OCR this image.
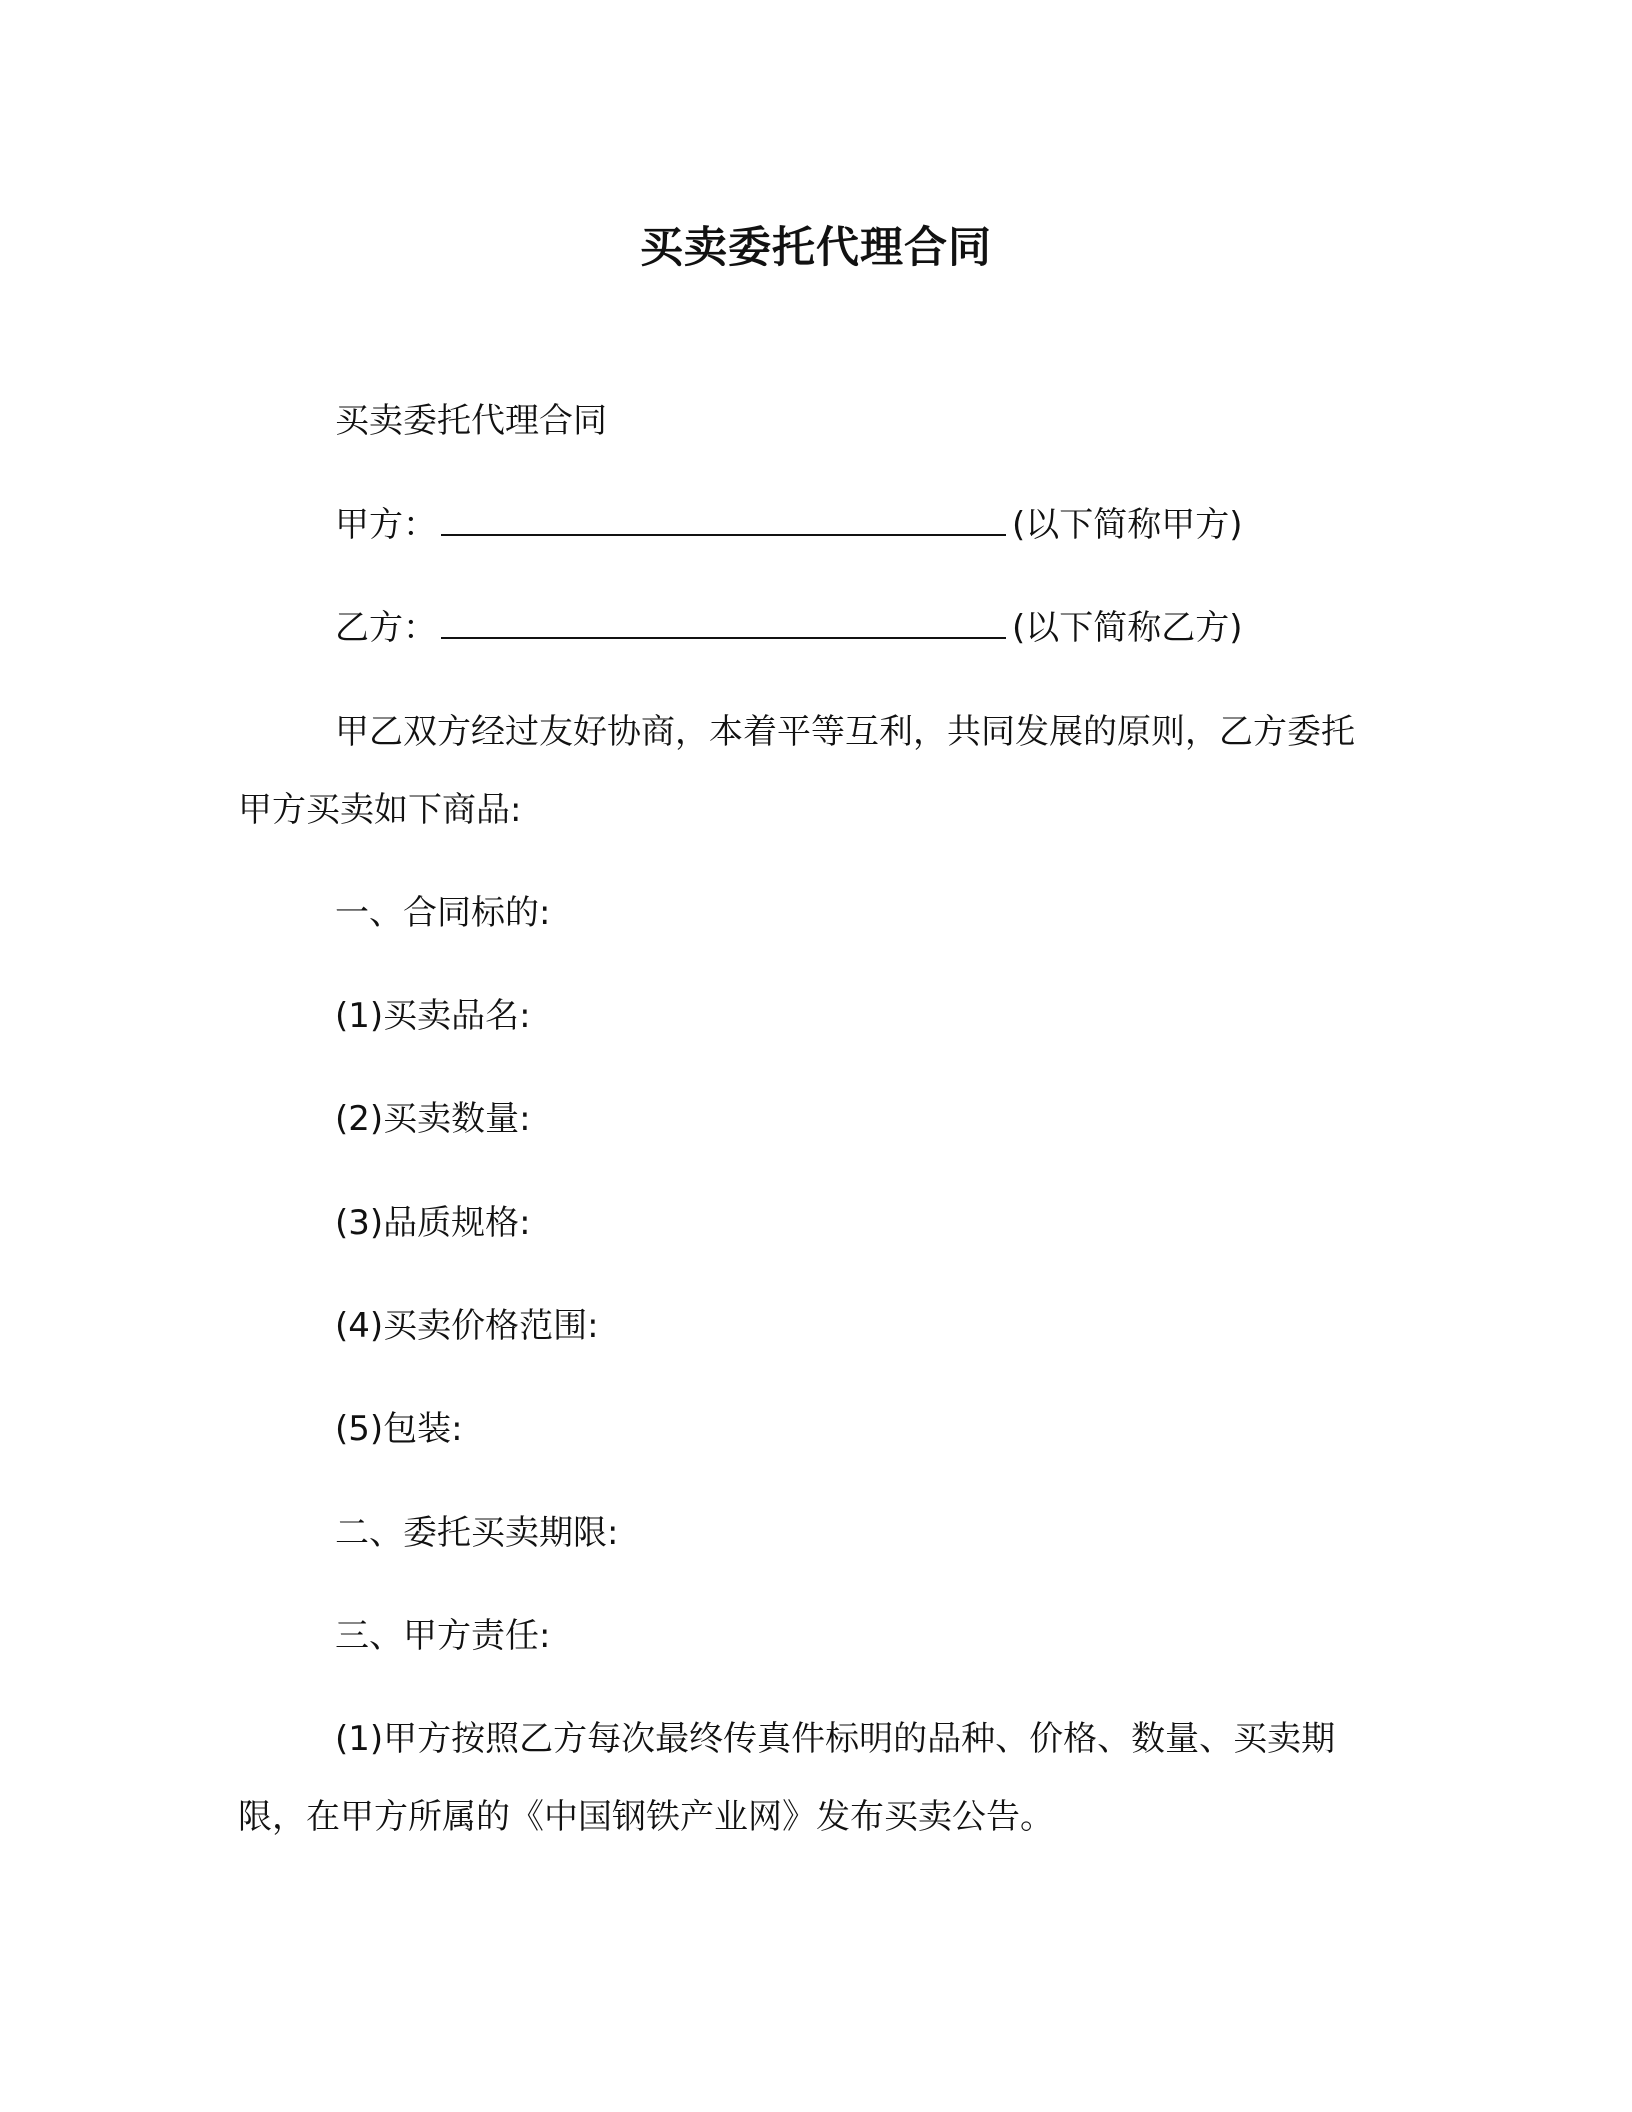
买卖委托代理合同
买卖委托代理合同
甲方：	(以下简称甲方)
乙方：	(以下简称乙方)
甲乙双方经过友好协商，本着平等互利，共同发展的原则，乙方委托甲方买卖如下商品:
一、合同标的:
(1)买卖品名:
(2)买卖数量:
(3)品质规格:
(4)买卖价格范围:
(5)包装:
二、委托买卖期限:
三、甲方责任:
(1)甲方按照乙方每次最终传真件标明的品种、价格、数量、买卖期限，在甲方所属的《中国钢铁产业网》发布买卖公告。
